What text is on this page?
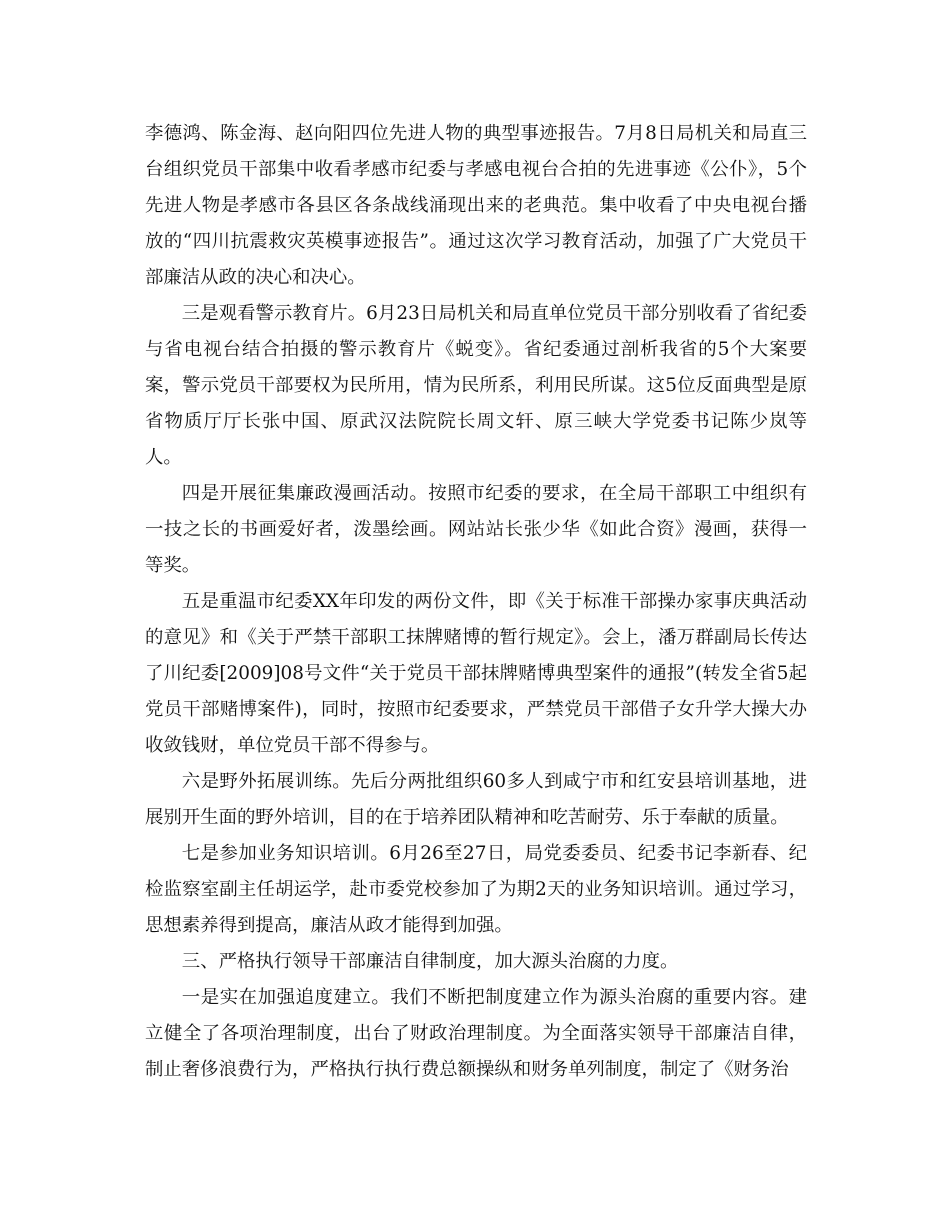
李德鸿、陈金海、赵向阳四位先进人物的典型事迹报告。7月8日局机关和局直三台组织党员干部集中收看孝感市纪委与孝感电视台合拍的先进事迹《公仆》，5个先进人物是孝感市各县区各条战线涌现出来的老典范。集中收看了中央电视台播放的“四川抗震救灾英模事迹报告”。通过这次学习教育活动，加强了广大党员干部廉洁从政的决心和决心。

三是观看警示教育片。6月23日局机关和局直单位党员干部分别收看了省纪委与省电视台结合拍摄的警示教育片《蜕变》。省纪委通过剖析我省的5个大案要案，警示党员干部要权为民所用，情为民所系，利用民所谋。这5位反面典型是原省物质厅厅长张中国、原武汉法院院长周文轩、原三峡大学党委书记陈少岚等人。

四是开展征集廉政漫画活动。按照市纪委的要求，在全局干部职工中组织有一技之长的书画爱好者，泼墨绘画。网站站长张少华《如此合资》漫画，获得一等奖。

五是重温市纪委XX年印发的两份文件，即《关于标准干部操办家事庆典活动的意见》和《关于严禁干部职工抹牌赌博的暂行规定》。会上，潘万群副局长传达了川纪委[2009]08号文件“关于党员干部抹牌赌博典型案件的通报”(转发全省5起党员干部赌博案件)，同时，按照市纪委要求，严禁党员干部借子女升学大操大办收敛钱财，单位党员干部不得参与。

六是野外拓展训练。先后分两批组织60多人到咸宁市和红安县培训基地，进展别开生面的野外培训，目的在于培养团队精神和吃苦耐劳、乐于奉献的质量。

七是参加业务知识培训。6月26至27日，局党委委员、纪委书记李新春、纪检监察室副主任胡运学，赴市委党校参加了为期2天的业务知识培训。通过学习，思想素养得到提高，廉洁从政才能得到加强。

三、严格执行领导干部廉洁自律制度，加大源头治腐的力度。

一是实在加强追度建立。我们不断把制度建立作为源头治腐的重要内容。建立健全了各项治理制度，出台了财政治理制度。为全面落实领导干部廉洁自律，制止奢侈浪费行为，严格执行执行费总额操纵和财务单列制度，制定了《财务治
